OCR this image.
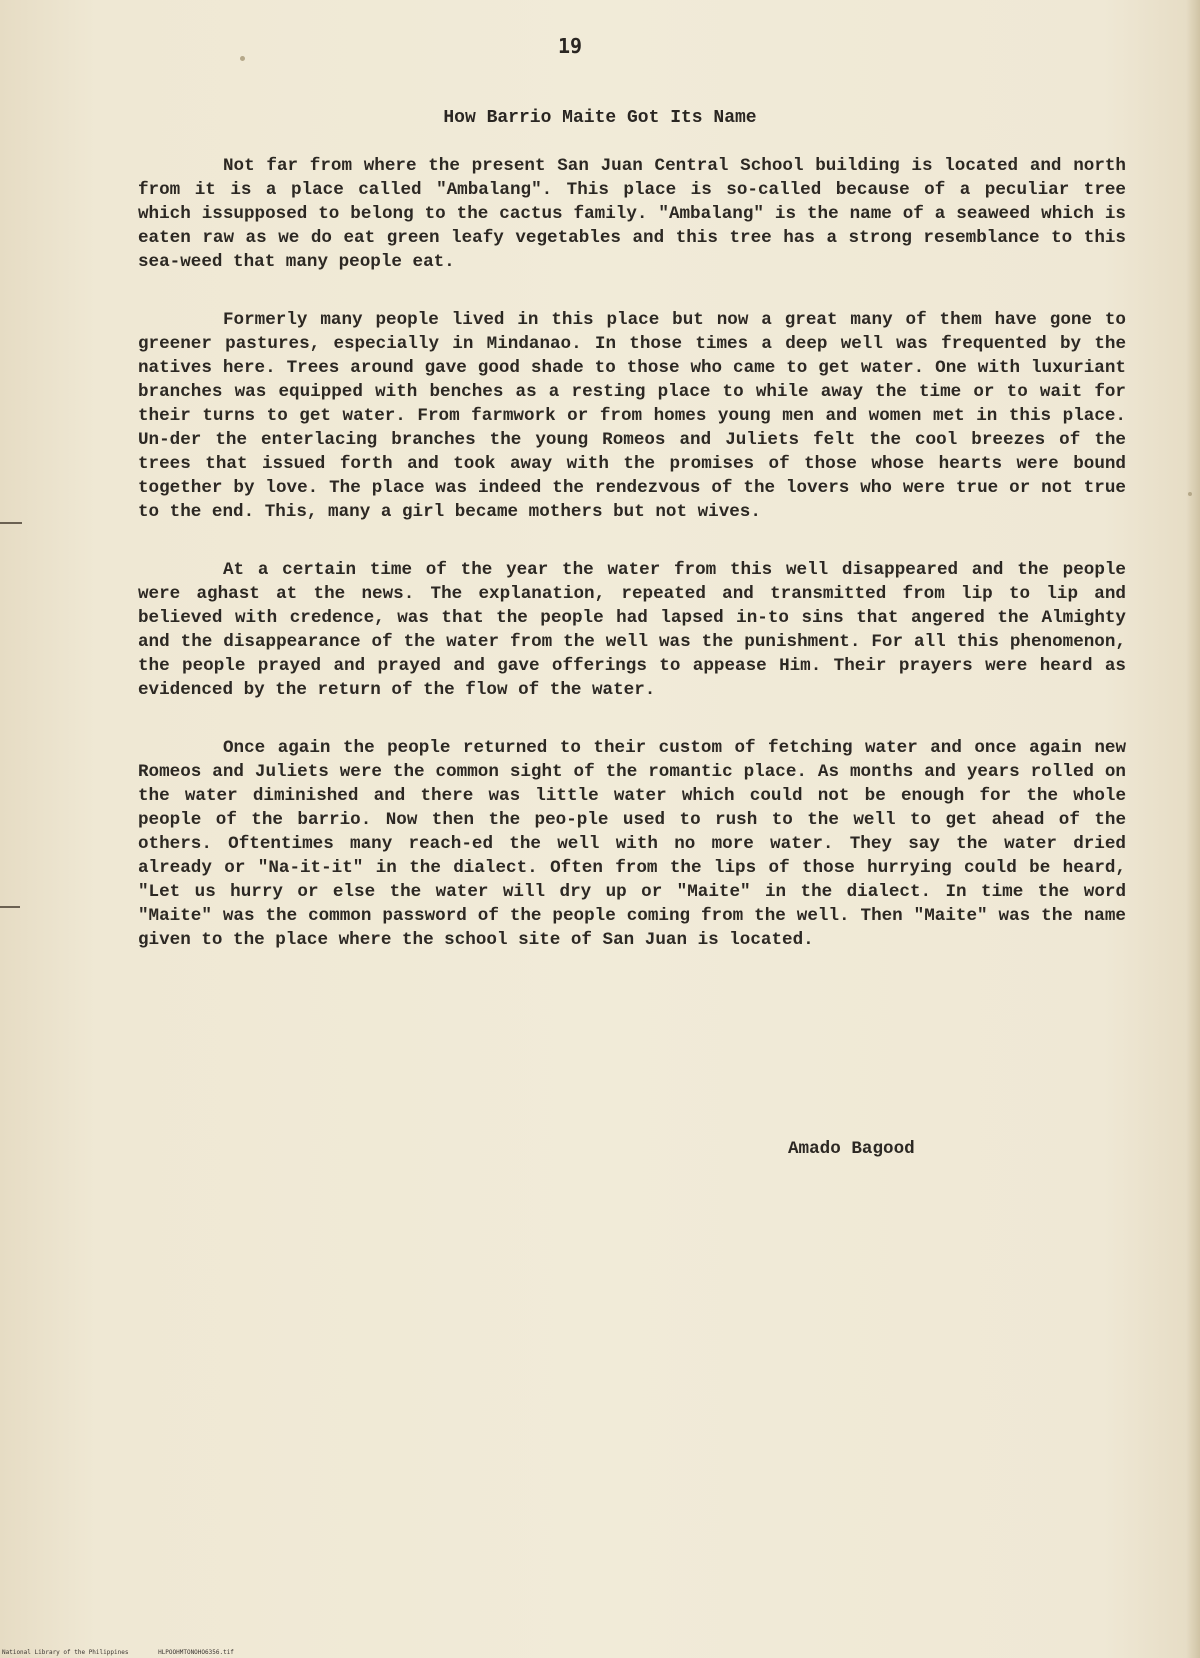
19
How Barrio Maite Got Its Name

Not far from where the present San Juan Central School building is located and north from it is a place called "Ambalang". This place is so-called because of a peculiar tree which issupposed to belong to the cactus family. "Ambalang" is the name of a seaweed which is eaten raw as we do eat green leafy vegetables and this tree has a strong resemblance to this sea-weed that many people eat.

Formerly many people lived in this place but now a great many of them have gone to greener pastures, especially in Mindanao. In those times a deep well was frequented by the natives here. Trees around gave good shade to those who came to get water. One with luxuriant branches was equipped with benches as a resting place to while away the time or to wait for their turns to get water. From farmwork or from homes young men and women met in this place. Un-der the enterlacing branches the young Romeos and Juliets felt the cool breezes of the trees that issued forth and took away with the promises of those whose hearts were bound together by love. The place was indeed the rendezvous of the lovers who were true or not true to the end. This, many a girl became mothers but not wives.

At a certain time of the year the water from this well disappeared and the people were aghast at the news. The explanation, repeated and transmitted from lip to lip and believed with credence, was that the people had lapsed in-to sins that angered the Almighty and the disappearance of the water from the well was the punishment. For all this phenomenon, the people prayed and prayed and gave offerings to appease Him. Their prayers were heard as evidenced by the return of the flow of the water.

Once again the people returned to their custom of fetching water and once again new Romeos and Juliets were the common sight of the romantic place. As months and years rolled on the water diminished and there was little water which could not be enough for the whole people of the barrio. Now then the peo-ple used to rush to the well to get ahead of the others. Oftentimes many reach-ed the well with no more water. They say the water dried already or "Na-it-it" in the dialect. Often from the lips of those hurrying could be heard, "Let us hurry or else the water will dry up or "Maite" in the dialect. In time the word "Maite" was the common password of the people coming from the well. Then "Maite" was the name given to the place where the school site of San Juan is located.

Amado Bagood
National Library of the Philippines	HLPOOHMTONOHO6356.tif
